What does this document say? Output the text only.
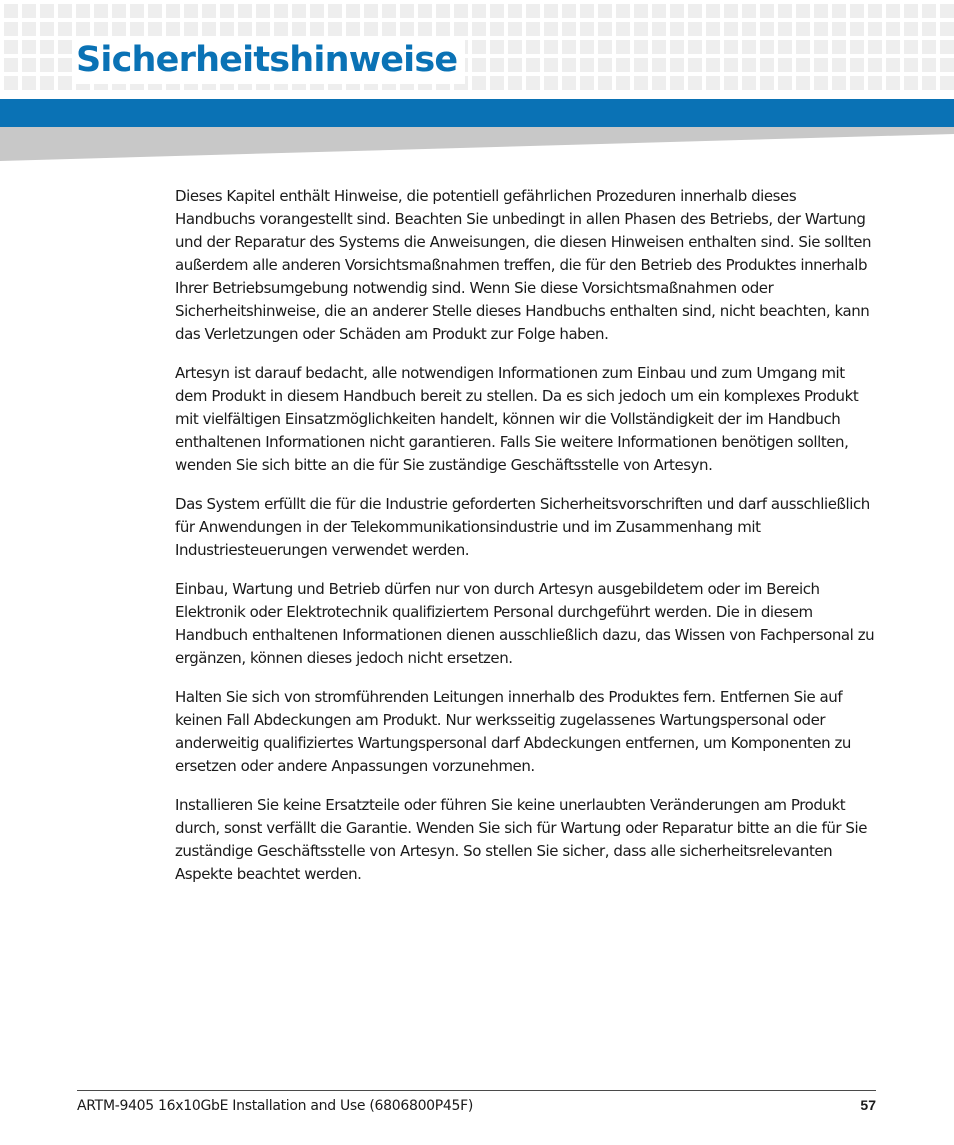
Sicherheitshinweise

Dieses Kapitel enthält Hinweise, die potentiell gefährlichen Prozeduren innerhalb dieses Handbuchs vorangestellt sind. Beachten Sie unbedingt in allen Phasen des Betriebs, der Wartung und der Reparatur des Systems die Anweisungen, die diesen Hinweisen enthalten sind. Sie sollten außerdem alle anderen Vorsichtsmaßnahmen treffen, die für den Betrieb des Produktes innerhalb Ihrer Betriebsumgebung notwendig sind. Wenn Sie diese Vorsichtsmaßnahmen oder Sicherheitshinweise, die an anderer Stelle dieses Handbuchs enthalten sind, nicht beachten, kann das Verletzungen oder Schäden am Produkt zur Folge haben.

Artesyn ist darauf bedacht, alle notwendigen Informationen zum Einbau und zum Umgang mit dem Produkt in diesem Handbuch bereit zu stellen. Da es sich jedoch um ein komplexes Produkt mit vielfältigen Einsatzmöglichkeiten handelt, können wir die Vollständigkeit der im Handbuch enthaltenen Informationen nicht garantieren. Falls Sie weitere Informationen benötigen sollten, wenden Sie sich bitte an die für Sie zuständige Geschäftsstelle von Artesyn.

Das System erfüllt die für die Industrie geforderten Sicherheitsvorschriften und darf ausschließlich für Anwendungen in der Telekommunikationsindustrie und im Zusammenhang mit Industriesteuerungen verwendet werden.

Einbau, Wartung und Betrieb dürfen nur von durch Artesyn ausgebildetem oder im Bereich Elektronik oder Elektrotechnik qualifiziertem Personal durchgeführt werden. Die in diesem Handbuch enthaltenen Informationen dienen ausschließlich dazu, das Wissen von Fachpersonal zu ergänzen, können dieses jedoch nicht ersetzen.

Halten Sie sich von stromführenden Leitungen innerhalb des Produktes fern. Entfernen Sie auf keinen Fall Abdeckungen am Produkt. Nur werksseitig zugelassenes Wartungspersonal oder anderweitig qualifiziertes Wartungspersonal darf Abdeckungen entfernen, um Komponenten zu ersetzen oder andere Anpassungen vorzunehmen.

Installieren Sie keine Ersatzteile oder führen Sie keine unerlaubten Veränderungen am Produkt durch, sonst verfällt die Garantie. Wenden Sie sich für Wartung oder Reparatur bitte an die für Sie zuständige Geschäftsstelle von Artesyn. So stellen Sie sicher, dass alle sicherheitsrelevanten Aspekte beachtet werden.

ARTM-9405 16x10GbE Installation and Use (6806800P45F)	57
